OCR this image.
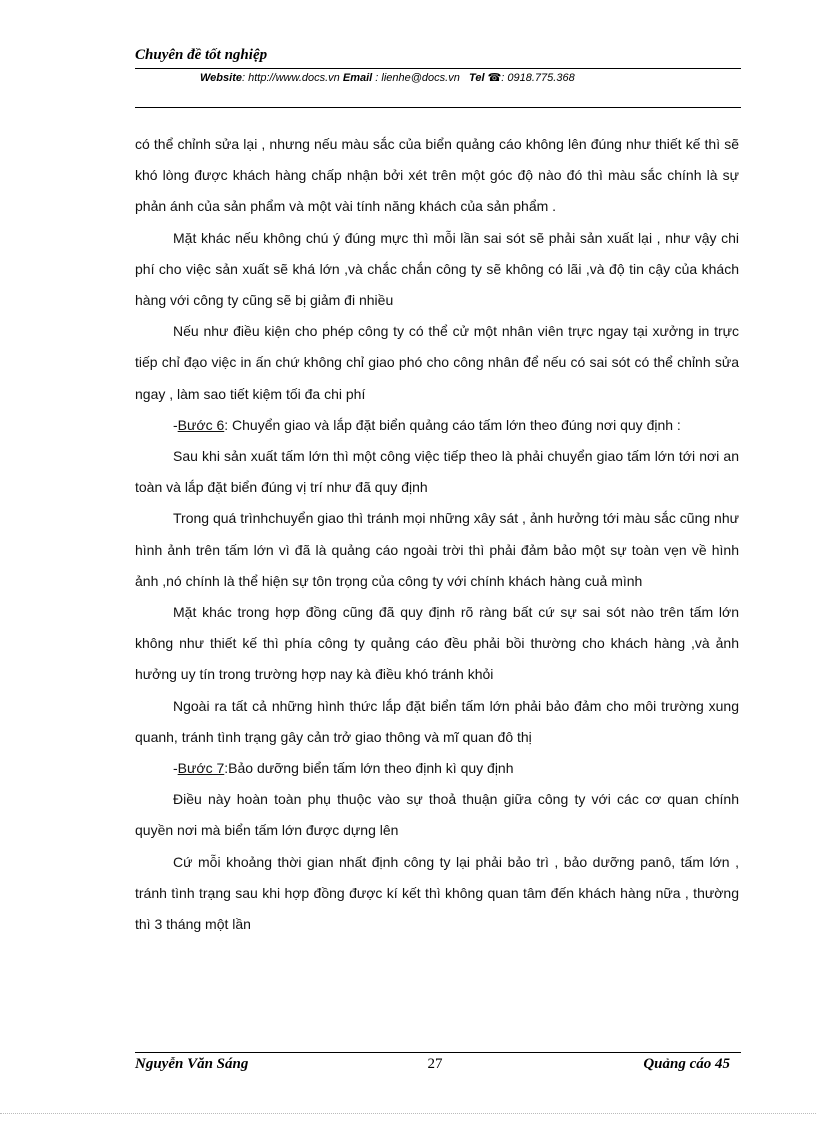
Chuyên đề tốt nghiệp
Website: http://www.docs.vn Email : lienhe@docs.vn Tel ☎: 0918.775.368

có thể chỉnh sửa lại , nhưng nếu màu sắc của biển quảng cáo không lên đúng như thiết kế thì sẽ khó lòng được khách hàng chấp nhận bởi xét trên một góc độ nào đó thì màu sắc chính là sự phản ánh của sản phẩm và một vài tính năng khách của sản phẩm .

Mặt khác nếu không chú ý đúng mực thì mỗi lần sai sót sẽ phải sản xuất lại , như vậy chi phí cho việc sản xuất sẽ khá lớn ,và chắc chắn công ty sẽ không có lãi ,và độ tin cậy của khách hàng với công ty cũng sẽ bị giảm đi nhiều

Nếu như điều kiện cho phép công ty có thể cử một nhân viên trực ngay tại xưởng in trực tiếp chỉ đạo việc in ấn chứ không chỉ giao phó cho công nhân để nếu có sai sót có thể chỉnh sửa ngay , làm sao tiết kiệm tối đa chi phí

-Bước 6: Chuyển giao và lắp đặt biển quảng cáo tấm lớn theo đúng nơi quy định :

Sau khi sản xuất tấm lớn thì một công việc tiếp theo là phải chuyển giao tấm lớn tới nơi an toàn và lắp đặt biển đúng vị trí như đã quy định

Trong quá trìnhchuyển giao thì tránh mọi những xây sát , ảnh hưởng tới màu sắc cũng như hình ảnh trên tấm lớn vì đã là quảng cáo ngoài trời thì phải đảm bảo một sự toàn vẹn về hình ảnh ,nó chính là thể hiện sự tôn trọng của công ty với chính khách hàng cuả mình

Mặt khác trong hợp đồng cũng đã quy định rõ ràng bất cứ sự sai sót nào trên tấm lớn không như thiết kế thì phía công ty quảng cáo đều phải bồi thường cho khách hàng ,và ảnh hưởng uy tín trong trường hợp nay kà điều khó tránh khỏi

Ngoài ra tất cả những hình thức lắp đặt biển tấm lớn phải bảo đảm cho môi trường xung quanh, tránh tình trạng gây cản trở giao thông và mĩ quan đô thị

-Bước 7:Bảo dưỡng biển tấm lớn theo định kì quy định

Điều này hoàn toàn phụ thuộc vào sự thoả thuận giữa công ty với các cơ quan chính quyền nơi mà biển tấm lớn được dựng lên

Cứ mỗi khoảng thời gian nhất định công ty lại phải bảo trì , bảo dưỡng panô, tấm lớn , tránh tình trạng sau khi hợp đồng được kí kết thì không quan tâm đến khách hàng nữa , thường thì 3 tháng một lần

Nguyễn Văn Sáng	27	Quảng cáo 45
